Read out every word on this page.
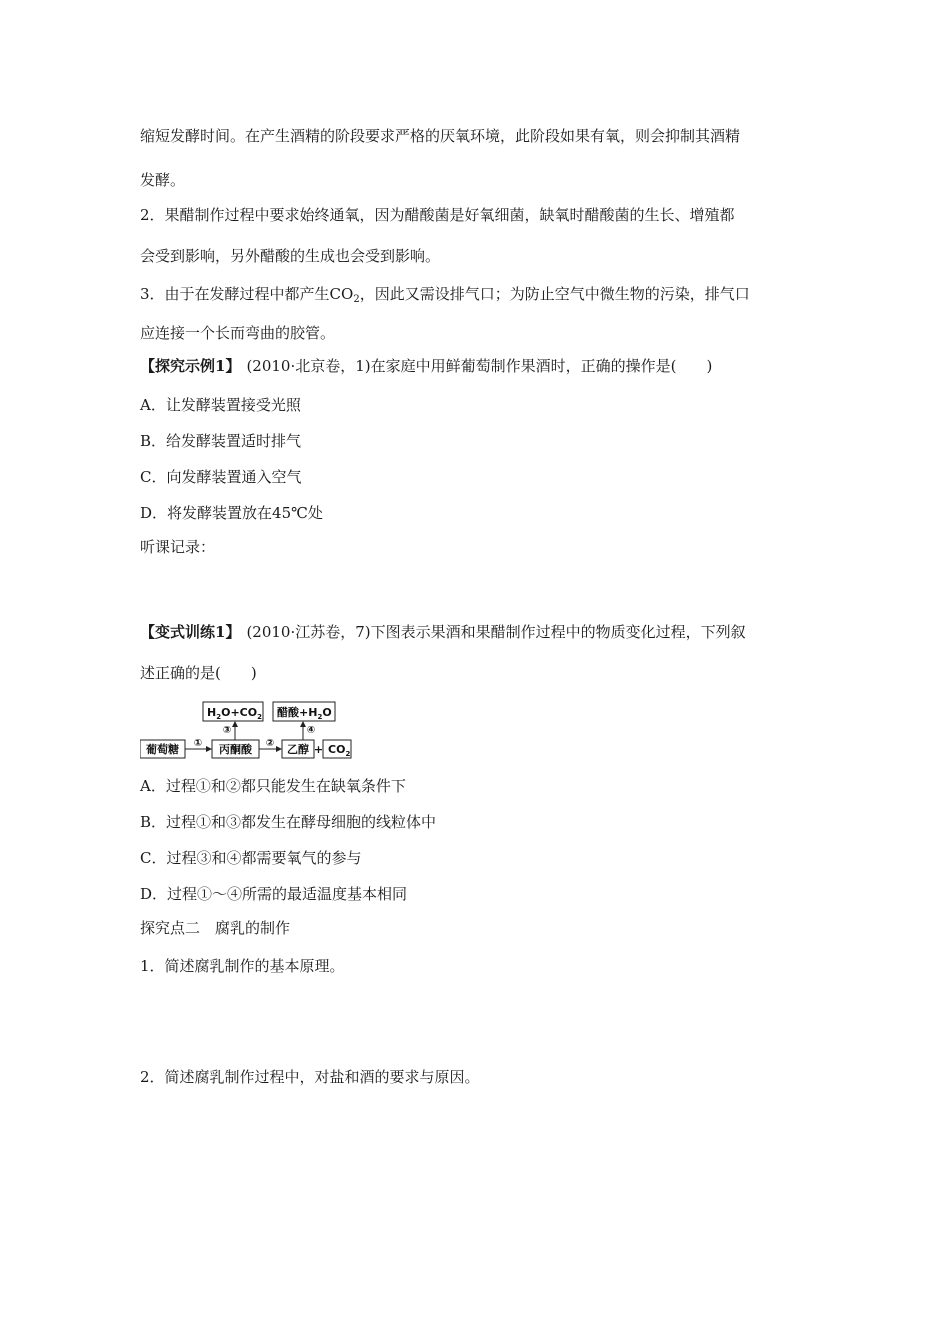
缩短发酵时间。在产生酒精的阶段要求严格的厌氧环境，此阶段如果有氧，则会抑制其酒精
发酵。
2．果醋制作过程中要求始终通氧，因为醋酸菌是好氧细菌，缺氧时醋酸菌的生长、增殖都
会受到影响，另外醋酸的生成也会受到影响。
3．由于在发酵过程中都产生$CO_2$，因此又需设排气口；为防止空气中微生物的污染，排气口
应连接一个长而弯曲的胶管。
【探究示例1】 (2010·北京卷，1)在家庭中用鲜葡萄制作果酒时，正确的操作是(　　)
A．让发酵装置接受光照
B．给发酵装置适时排气
C．向发酵装置通入空气
D．将发酵装置放在45℃处
听课记录：
【变式训练1】 (2010·江苏卷，7)下图表示果酒和果醋制作过程中的物质变化过程，下列叙
述正确的是(　　)
葡萄糖	丙酮酸	乙醇 + $CO_2$
$H_2O+CO_2$ 醋酸$+H_2O$
①	②
③	④
A．过程①和②都只能发生在缺氧条件下
B．过程①和③都发生在酵母细胞的线粒体中
C．过程③和④都需要氧气的参与
D．过程①～④所需的最适温度基本相同
探究点二　腐乳的制作
1．简述腐乳制作的基本原理。
2．简述腐乳制作过程中，对盐和酒的要求与原因。
